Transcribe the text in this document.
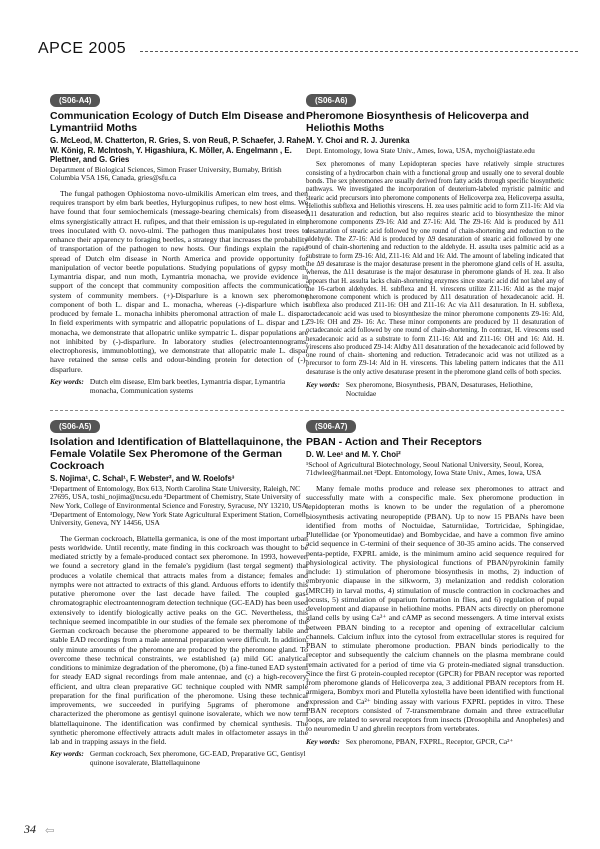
APCE 2005
(S06-A4)
Communication Ecology of Dutch Elm Disease and Lymantriid Moths
G. McLeod, M. Chatterton, R. Gries, S. von Reuß, P. Schaefer, J. Rahe, W. König, R. McIntosh, Y. Higashiura, K. Möller, A. Engelmann , E. Plettner, and G. Gries
Department of Biological Sciences, Simon Fraser University, Burnaby, British Columbia V5A 1S6, Canada, gries@sfu.ca

The fungal pathogen Ophiostoma novo-ulmikilis American elm trees, and then requires transport by elm bark beetles, Hylurgopinus rufipes, to new host elms. We have found that four semiochemicals (message-bearing chemicals) from diseased elms synergistically attract H. rufipes, and that their emission is up-regulated in elm trees inoculated with O. novo-ulmi. The pathogen thus manipulates host trees to enhance their apparency to foraging beetles, a strategy that increases the probability of transportation of the pathogen to new hosts. Our findings explain the rapid spread of Dutch elm disease in North America and provide opportunity for manipulation of vector beetle populations. Studying populations of gypsy moth, Lymantria dispar, and nun moth, Lymantria monacha, we provide evidence in support of the concept that community composition affects the communication system of community members. (+)-Disparlure is a known sex pheromone component of both L. dispar and L. monacha, whereas (-)-disparlure which is produced by female L. monacha inhibits pheromonal attraction of male L. dispar. In field experiments with sympatric and allopatric populations of L. dispar and L. monacha, we demonstrate that allopatric unlike sympatric L. dispar populations are not inhibited by (-)-disparlure. In laboratory studies (electroantennograms, electrophoresis, immunoblotting), we demonstrate that allopatric male L. dispar have retained the sense cells and odour-binding protein for detection of (-)-disparlure.

Key words: Dutch elm disease, Elm bark beetles, Lymantria dispar, Lymantria monacha, Communication systems
(S06-A6)
Pheromone Biosynthesis of Helicoverpa and Heliothis Moths
M. Y. Choi and R. J. Jurenka
Dept. Entomology, Iowa State Univ., Ames, Iowa, USA, mychoi@iastate.edu

Sex pheromones of many Lepidopteran species have relatively simple structures consisting of a hydrocarbon chain with a functional group and usually one to several double bonds. The sex pheromones are usually derived from fatty acids through specific biosynthetic pathways. We investigated the incorporation of deuterium-labeled myristic palmitic and stearic acid precursors into pheromone components of Helicoverpa zea, Helicoverpa assulta, Heliothis subflexa and Heliothis virescens. H. zea uses palmitic acid to form Z11-16: Ald via Δ11 desaturation and reduction, but also requires stearic acid to biosynthesize the minor pheromone components Z9-16: Ald and Z7-16: Ald. The Z9-16: Ald is produced by Δ11 desaturation of stearic acid followed by one round of chain-shortening and reduction to the aldehyde. The Z7-16: Ald is produced by Δ9 desaturation of stearic acid followed by one round of chain-shortening and reduction to the aldehyde. H. assulta uses palmitic acid as a substrate to form Z9-16: Ald, Z11-16: Ald and 16: Ald. The amount of labeling indicated that the Δ9 desaturase is the major desaturase present in the pheromone gland cells of H. assulta, whereas, the Δ11 desaturase is the major desaturase in pheromone glands of H. zea. It also appears that H. assulta lacks chain-shortening enzymes since stearic acid did not label any of the 16-carbon aldehydes. H. subflexa and H. virescens utilize Z11-16: Ald as the major pheromone component which is produced by Δ11 desaturation of hexadecanoic acid. H. subflexa also produced Z11-16: OH and Z11-16: Ac via Δ11 desaturation. In H. subflexa, octadecanoic acid was used to biosynthesize the minor pheromone components Z9-16: Ald, Z9-16: OH and Z9- 16: Ac. These minor components are produced by 11 desaturation of octadecanoic acid followed by one round of chain-shortening. In contrast, H. virescens used hexadecanoic acid as a substrate to form Z11-16: Ald and Z11-16: OH and 16: Ald. H. virescens also produced Z9-14: Aldby Δ11 desaturation of the hexadecanoic acid followed by one round of chain- shortening and reduction. Tetradecanoic acid was not utilized as a precursor to form Z9-14: Ald in H. virescens. This labeling pattern indicates that the Δ11 desaturase is the only active desaturase present in the pheromone gland cells of both species.

Key words: Sex pheromone, Biosynthesis, PBAN, Desaturases, Heliothine, Noctuidae
(S06-A5)
Isolation and Identification of Blattellaquinone, the Female Volatile Sex Pheromone of the German Cockroach
S. Nojima¹, C. Schal¹, F. Webster², and W. Roelofs³
¹Department of Entomology, Box 613, North Carolina State University, Raleigh, NC 27695, USA, toshi_nojima@ncsu.edu ²Department of Chemistry, State University of New York, College of Environmental Science and Forestry, Syracuse, NY 13210, USA ³Department of Entomology, New York State Agricultural Experiment Station, Cornell University, Geneva, NY 14456, USA

The German cockroach, Blattella germanica, is one of the most important urban pests worldwide. Until recently, mate finding in this cockroach was thought to be mediated strictly by a female-produced contact sex pheromone. In 1993, however, we found a secretory gland in the female's pygidium (last tergal segment) that produces a volatile chemical that attracts males from a distance; females and nymphs were not attracted to extracts of this gland. Arduous efforts to identify this putative pheromone over the last decade have failed. The coupled gas-chromatographic electroantennogram detection technique (GC-EAD) has been used extensively to identify biologically active peaks on the GC. Nevertheless, this technique seemed incompatible in our studies of the female sex pheromone of the German cockroach because the pheromone appeared to be thermally labile and stable EAD recordings from a male antennal preparation were difficult. In addition, only minute amounts of the pheromone are produced by the pheromone gland. To overcome these technical constraints, we established (a) mild GC analytical conditions to minimize degradation of the pheromone, (b) a fine-tuned EAD system for steady EAD signal recordings from male antennae, and (c) a high-recovery, efficient, and ultra clean preparative GC technique coupled with NMR sample preparation for the final purification of the pheromone. Using these technical improvements, we succeeded in purifying 5μgrams of pheromone and characterized the pheromone as gentisyl quinone isovalerate, which we now term blattellaquinone. The identification was confirmed by chemical synthesis. The synthetic pheromone effectively attracts adult males in olfactometer assays in the lab and in trapping assays in the field.

Key words: German cockroach, Sex pheromone, GC-EAD, Preparative GC, Gentisyl quinone isovalerate, Blattellaquinone
(S06-A7)
PBAN - Action and Their Receptors
D. W. Lee¹ and M. Y. Choi²
¹School of Agricultural Biotechnology, Seoul National University, Seoul, Korea, 71dwlee@hanmail.net ²Dept. Entomology, Iowa State Univ., Ames, Iowa, USA

Many female moths produce and release sex pheromones to attract and successfully mate with a conspecific male. Sex pheromone production in lepidopteran moths is known to be under the regulation of a pheromone biosynthesis activating neuropeptide (PBAN). Up to now 15 PBANs have been identified from moths of Noctuidae, Saturniidae, Tortricidae, Sphingidae, Plutellidae (or Yponomeutidae) and Bombycidae, and have a common five amino acid sequence in C-termini of their sequence of 30-35 amino acids. The conserved penta-peptide, FXPRL amide, is the minimum amino acid sequence required for physiological activity. The physiological functions of PBAN/pyrokinin family include: 1) stimulation of pheromone biosynthesis in moths, 2) induction of embryonic diapause in the silkworm, 3) melanization and reddish coloration (MRCH) in larval moths, 4) stimulation of muscle contraction in cockroaches and locusts, 5) stimulation of puparium formation in flies, and 6) regulation of pupal development and diapause in heliothine moths. PBAN acts directly on pheromone gland cells by using Ca²⁺ and cAMP as second messengers. A time interval exists between PBAN binding to a receptor and opening of extracellular calcium channels. Calcium influx into the cytosol from extracellular stores is required for PBAN to stimulate pheromone production. PBAN binds periodically to the receptor and subsequently the calcium channels on the plasma membrane could remain activated for a period of time via G protein-mediated signal transduction. Since the first G protein-coupled receptor (GPCR) for PBAN receptor was reported from pheromone glands of Helicoverpa zea, 3 additional PBAN receptors from H. armigera, Bombyx mori and Plutella xylostella have been identified with functional expression and Ca²⁺ binding assay with various FXPRL peptides in vitro. These PBAN receptors consisted of 7-transmembrane domain and three extracellular loops, are related to several receptors from insects (Drosophila and Anopheles) and to neuromedin U and ghrelin receptors from vertebrates.

Key words: Sex pheromone, PBAN, FXPRL, Receptor, GPCR, Ca²⁺
34 ⇦
